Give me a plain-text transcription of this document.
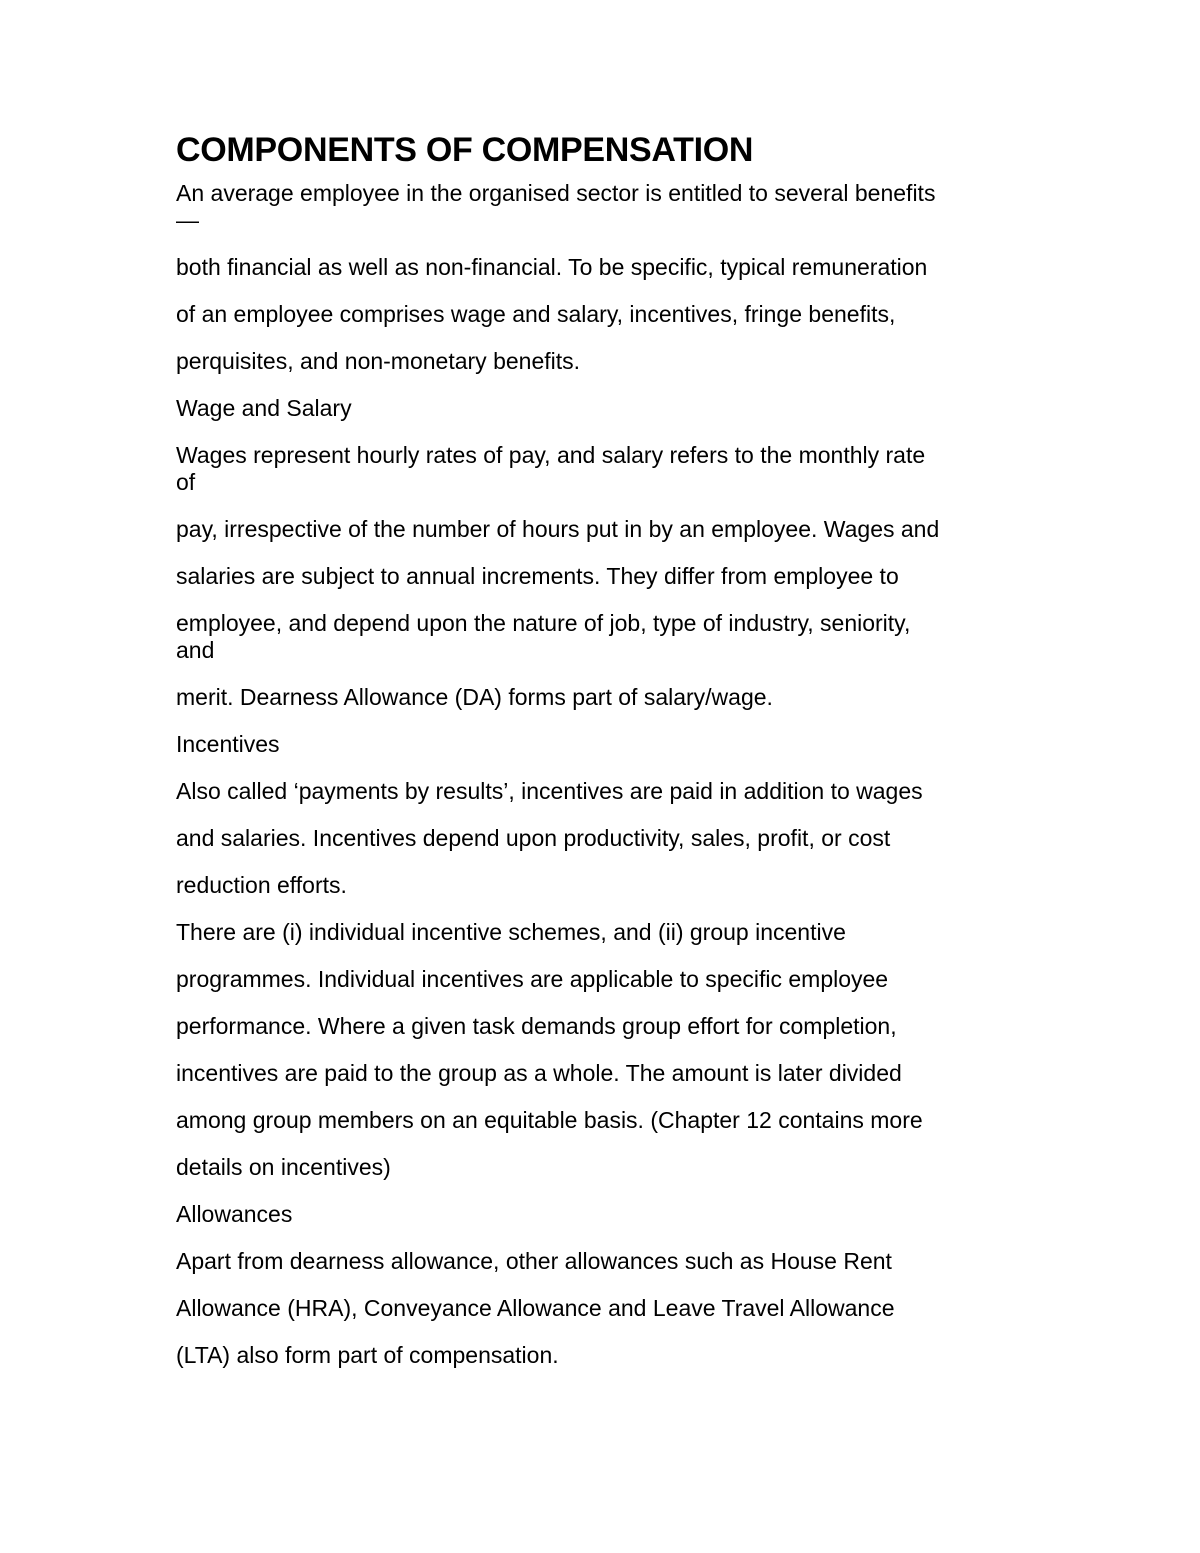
COMPONENTS OF COMPENSATION
An average employee in the organised sector is entitled to several benefits
—
both financial as well as non-financial. To be specific, typical remuneration
of an employee comprises wage and salary, incentives, fringe benefits,
perquisites, and non-monetary benefits.
Wage and Salary
Wages represent hourly rates of pay, and salary refers to the monthly rate
of
pay, irrespective of the number of hours put in by an employee. Wages and
salaries are subject to annual increments. They differ from employee to
employee, and depend upon the nature of job, type of industry, seniority,
and
merit. Dearness Allowance (DA) forms part of salary/wage.
Incentives
Also called ‘payments by results’, incentives are paid in addition to wages
and salaries. Incentives depend upon productivity, sales, profit, or cost
reduction efforts.
There are (i) individual incentive schemes, and (ii) group incentive
programmes. Individual incentives are applicable to specific employee
performance. Where a given task demands group effort for completion,
incentives are paid to the group as a whole. The amount is later divided
among group members on an equitable basis. (Chapter 12 contains more
details on incentives)
Allowances
Apart from dearness allowance, other allowances such as House Rent
Allowance (HRA), Conveyance Allowance and Leave Travel Allowance
(LTA) also form part of compensation.
